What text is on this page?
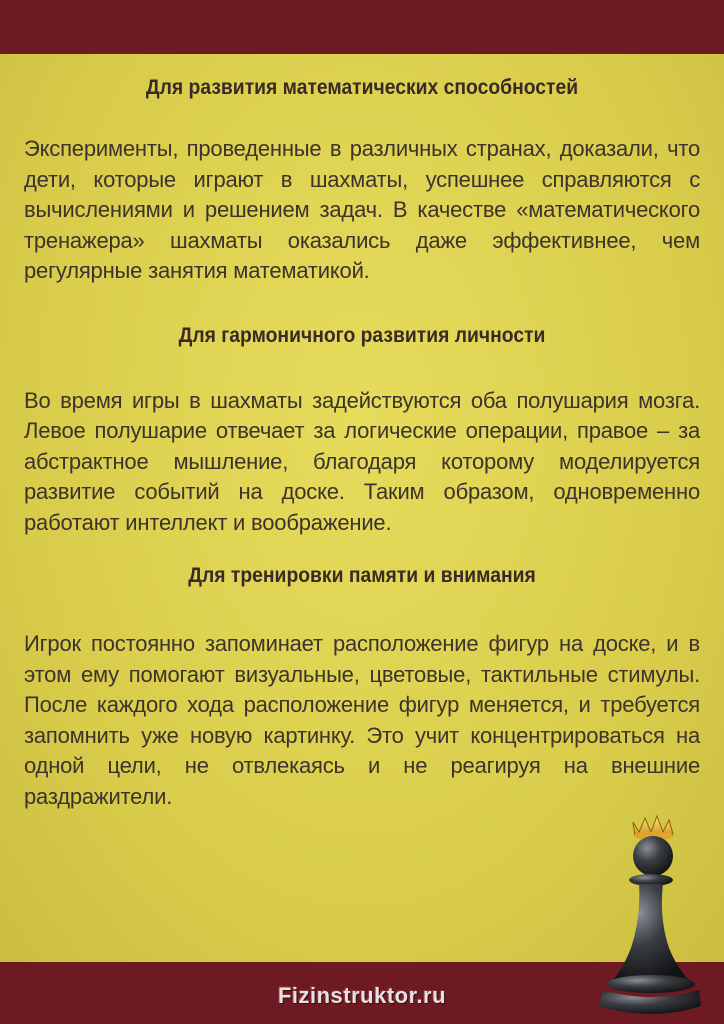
Для развития математических способностей

Эксперименты, проведенные в различных странах, доказали, что дети, которые играют в шахматы, успешнее справляются с вычислениями и решением задач. В качестве «математического тренажера» шахматы оказались даже эффективнее, чем регулярные занятия математикой.

Для гармоничного развития личности

Во время игры в шахматы задействуются оба полушария мозга. Левое полушарие отвечает за логические операции, правое – за абстрактное мышление, благодаря которому моделируется развитие событий на доске. Таким образом, одновременно работают интеллект и воображение.

Для тренировки памяти и внимания

Игрок постоянно запоминает расположение фигур на доске, и в этом ему помогают визуальные, цветовые, тактильные стимулы. После каждого хода расположение фигур меняется, и требуется запомнить уже новую картинку. Это учит концентрироваться на одной цели, не отвлекаясь и не реагируя на внешние раздражители.

Fizinstruktor.ru
